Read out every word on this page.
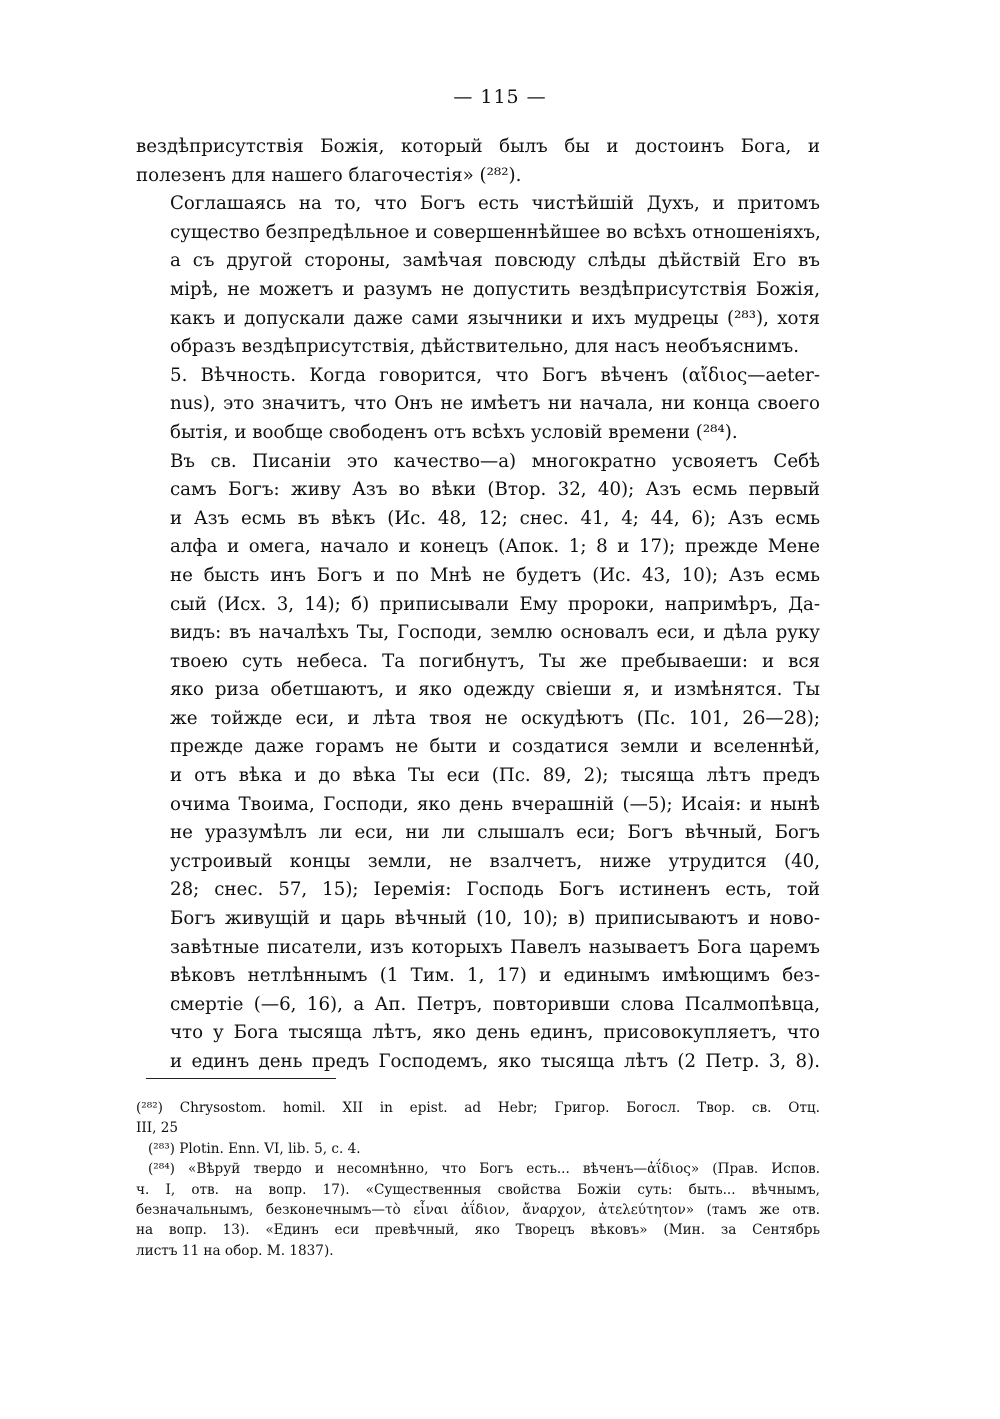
— 115 —

вездѣприсутствія Божія, который былъ бы и достоинъ Бога, и
полезенъ для нашего благочестія» (²⁸²).

Соглашаясь на то, что Богъ есть чистѣйшій Духъ, и притомъ
существо безпредѣльное и совершеннѣйшее во всѣхъ отношеніяхъ,
а съ другой стороны, замѣчая повсюду слѣды дѣйствій Его въ
мірѣ, не можетъ и разумъ не допустить вездѣприсутствія Божія,
какъ и допускали даже сами язычники и ихъ мудрецы (²⁸³), хотя
образъ вездѣприсутствія, дѣйствительно, для насъ необъяснимъ.

5. Вѣчность. Когда говорится, что Богъ вѣченъ (αἴδιος—aeter-
nus), это значитъ, что Онъ не имѣетъ ни начала, ни конца своего
бытія, и вообще свободенъ отъ всѣхъ условій времени (²⁸⁴).

Въ св. Писаніи это качество—а) многократно усвояетъ Себѣ
самъ Богъ: живу Азъ во вѣки (Втор. 32, 40); Азъ есмь первый
и Азъ есмь въ вѣкъ (Ис. 48, 12; снес. 41, 4; 44, 6); Азъ есмь
алфа и омега, начало и конецъ (Апок. 1; 8 и 17); прежде Мене
не бысть инъ Богъ и по Мнѣ не будетъ (Ис. 43, 10); Азъ есмь
сый (Исх. 3, 14); б) приписывали Ему пророки, напримѣръ, Да-
видъ: въ началѣхъ Ты, Господи, землю основалъ еси, и дѣла руку
твоею суть небеса. Та погибнутъ, Ты же пребываеши: и вся
яко риза обетшаютъ, и яко одежду свіеши я, и измѣнятся. Ты
же тойжде еси, и лѣта твоя не оскудѣютъ (Пс. 101, 26—28);
прежде даже горамъ не быти и создатися земли и вселеннѣй,
и отъ вѣка и до вѣка Ты еси (Пс. 89, 2); тысяща лѣтъ предъ
очима Твоима, Господи, яко день вчерашній (—5); Исаія: и нынѣ
не уразумѣлъ ли еси, ни ли слышалъ еси; Богъ вѣчный, Богъ
устроивый концы земли, не взалчетъ, ниже утрудится (40,
28; снес. 57, 15); Іеремія: Господь Богъ истиненъ есть, той
Богъ живущій и царь вѣчный (10, 10); в) приписываютъ и ново-
завѣтные писатели, изъ которыхъ Павелъ называетъ Бога царемъ
вѣковъ нетлѣннымъ (1 Тим. 1, 17) и единымъ имѣющимъ без-
смертіе (—6, 16), а Ап. Петръ, повторивши слова Псалмопѣвца,
что у Бога тысяща лѣтъ, яко день единъ, присовокупляетъ, что
и единъ день предъ Господемъ, яко тысяща лѣтъ (2 Петр. 3, 8).

(²⁸²) Chrysostom. homil. XII in epist. ad Hebr; Григор. Богосл. Твор. св. Отц.
III, 25
(²⁸³) Plotin. Enn. VI, lib. 5, c. 4.
(²⁸⁴) «Вѣруй твердо и несомнѣнно, что Богъ есть... вѣченъ—ἀΐδιος» (Прав. Испов.
ч. I, отв. на вопр. 17). «Существенныя свойства Божіи суть: быть... вѣчнымъ,
безначальнымъ, безконечнымъ—τὸ εἶναι ἀΐδιον, ἄναρχον, ἀτελεύτητον» (тамъ же отв.
на вопр. 13). «Единъ еси превѣчный, яко Творецъ вѣковъ» (Мин. за Сентябрь
листъ 11 на обор. М. 1837).
